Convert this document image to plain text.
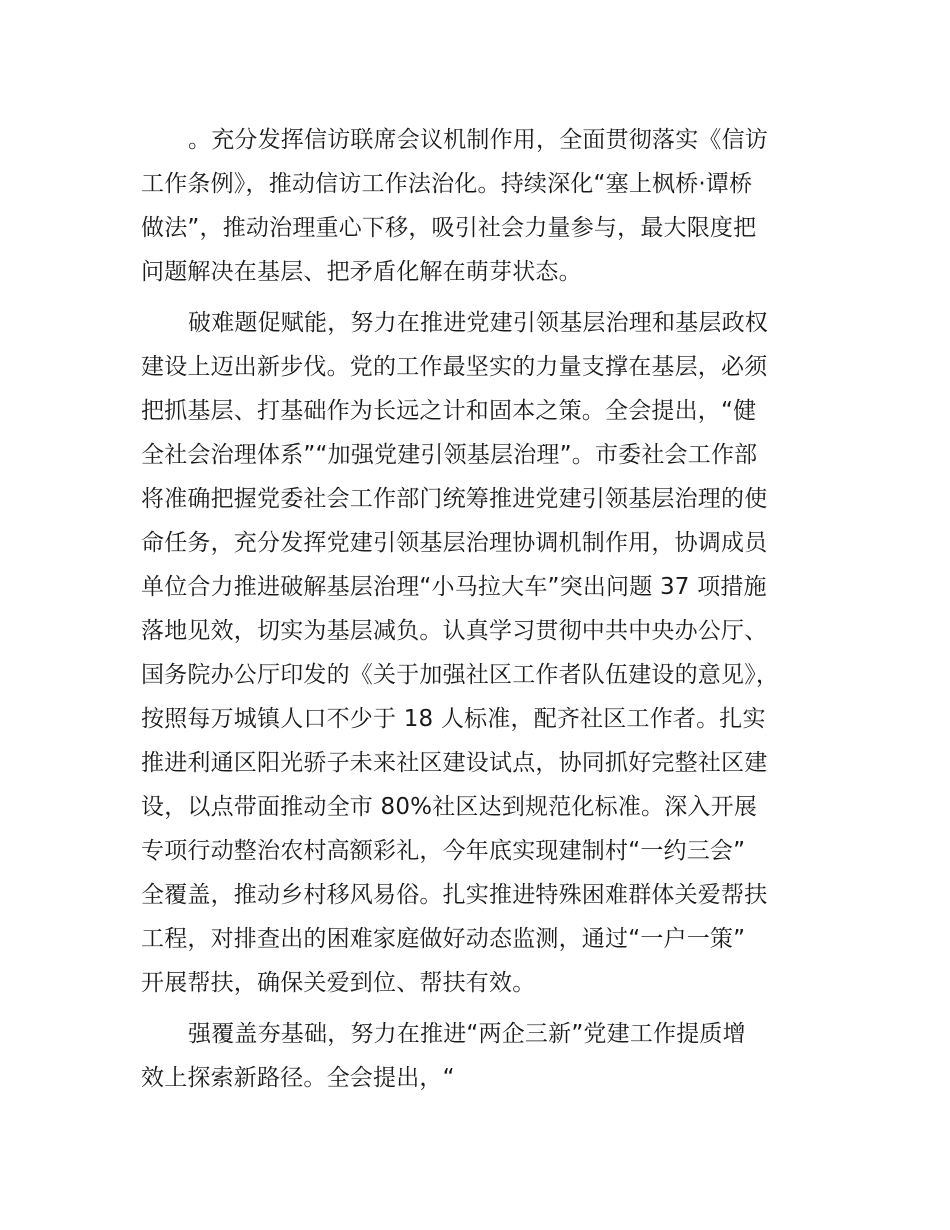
。充分发挥信访联席会议机制作用，全面贯彻落实《信访
工作条例》，推动信访工作法治化。持续深化“塞上枫桥·谭桥
做法”，推动治理重心下移，吸引社会力量参与，最大限度把
问题解决在基层、把矛盾化解在萌芽状态。
破难题促赋能，努力在推进党建引领基层治理和基层政权
建设上迈出新步伐。党的工作最坚实的力量支撑在基层，必须
把抓基层、打基础作为长远之计和固本之策。全会提出，“健
全社会治理体系”“加强党建引领基层治理”。市委社会工作部
将准确把握党委社会工作部门统筹推进党建引领基层治理的使
命任务，充分发挥党建引领基层治理协调机制作用，协调成员
单位合力推进破解基层治理“小马拉大车”突出问题 37 项措施
落地见效，切实为基层减负。认真学习贯彻中共中央办公厅、
国务院办公厅印发的《关于加强社区工作者队伍建设的意见》，
按照每万城镇人口不少于 18 人标准，配齐社区工作者。扎实
推进利通区阳光骄子未来社区建设试点，协同抓好完整社区建
设，以点带面推动全市 80%社区达到规范化标准。深入开展
专项行动整治农村高额彩礼，今年底实现建制村“一约三会”
全覆盖，推动乡村移风易俗。扎实推进特殊困难群体关爱帮扶
工程，对排查出的困难家庭做好动态监测，通过“一户一策”
开展帮扶，确保关爱到位、帮扶有效。
强覆盖夯基础，努力在推进“两企三新”党建工作提质增
效上探索新路径。全会提出，“
